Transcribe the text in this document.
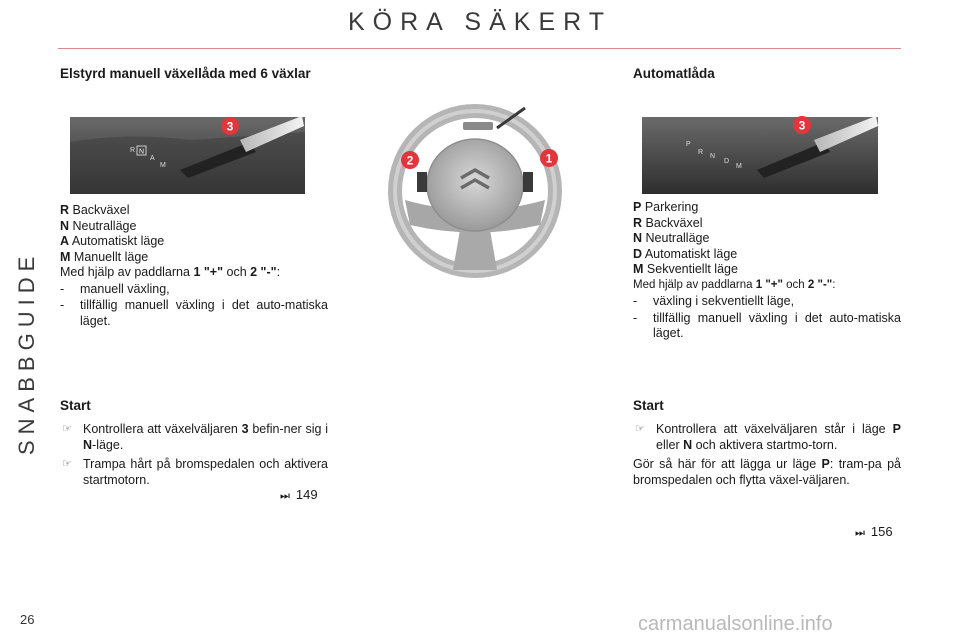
KÖRA SÄKERT
SNABBGUIDE
26	carmanualsonline.info
Elstyrd manuell växellåda med 6 växlar
3
R N
A
M
R Backväxel
N Neutralläge
A Automatiskt läge
M Manuellt läge
Med hjälp av paddlarna 1 "+" och 2 "-":
- manuell växling,
- tillfällig manuell växling i det auto-matiska läget.
Start
☞ Kontrollera att växelväljaren 3 befin-ner sig i N-läge.
☞ Trampa hårt på bromspedalen och aktivera startmotorn.
⏭ 149
2	1
Automatlåda
3
P
R
N
D
M
P Parkering
R Backväxel
N Neutralläge
D Automatiskt läge
M Sekventiellt läge
Med hjälp av paddlarna 1 "+" och 2 "-":
- växling i sekventiellt läge,
- tillfällig manuell växling i det auto-matiska läget.
Start
☞ Kontrollera att växelväljaren står i läge P eller N och aktivera startmo-torn.
Gör så här för att lägga ur läge P: tram-pa på bromspedalen och flytta växel-väljaren.
⏭ 156
